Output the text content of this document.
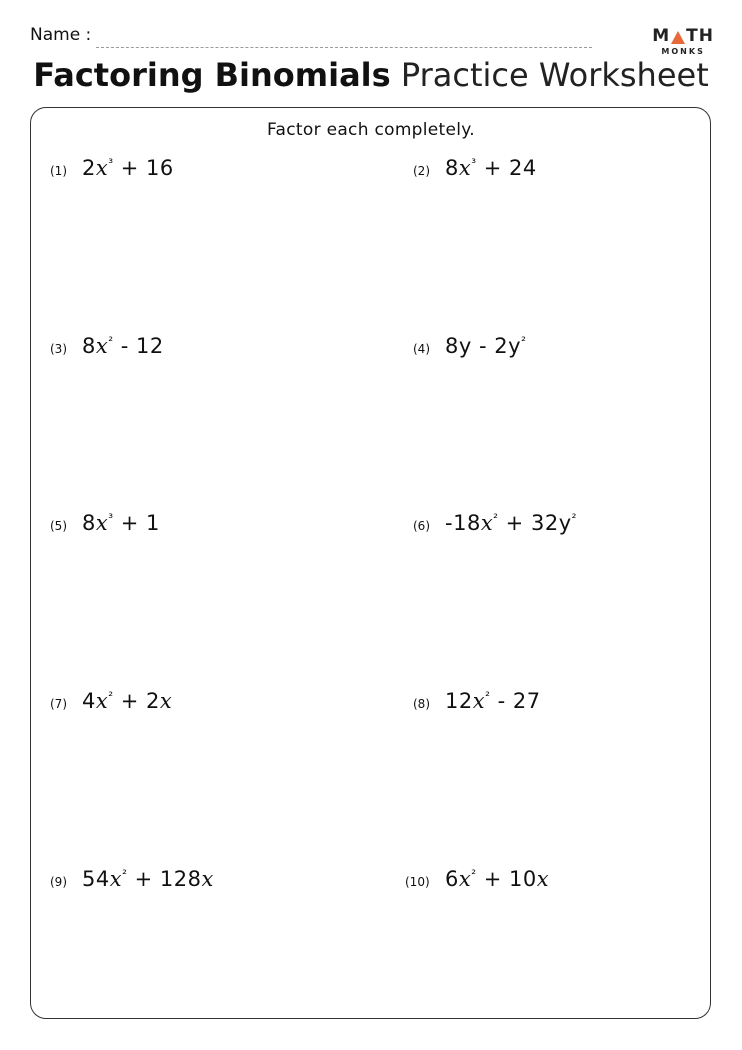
Name :	M TH
MONKS
Factoring Binomials Practice Worksheet
Factor each completely.
(1) $2x^{^3} + 16$	(2) $8x^{^3} + 24$
(3) $8x^{^2} - 12$	(4) $8y - 2y^{^2}$
(5) $8x^{^3} + 1$	(6) $-18x^{^2} + 32y^{^2}$
(7) $4x^{^2} + 2x$	(8) $12x^{^2} - 27$
(9) $54x^{^2} + 128x$	(10) $6x^{^2} + 10x$
